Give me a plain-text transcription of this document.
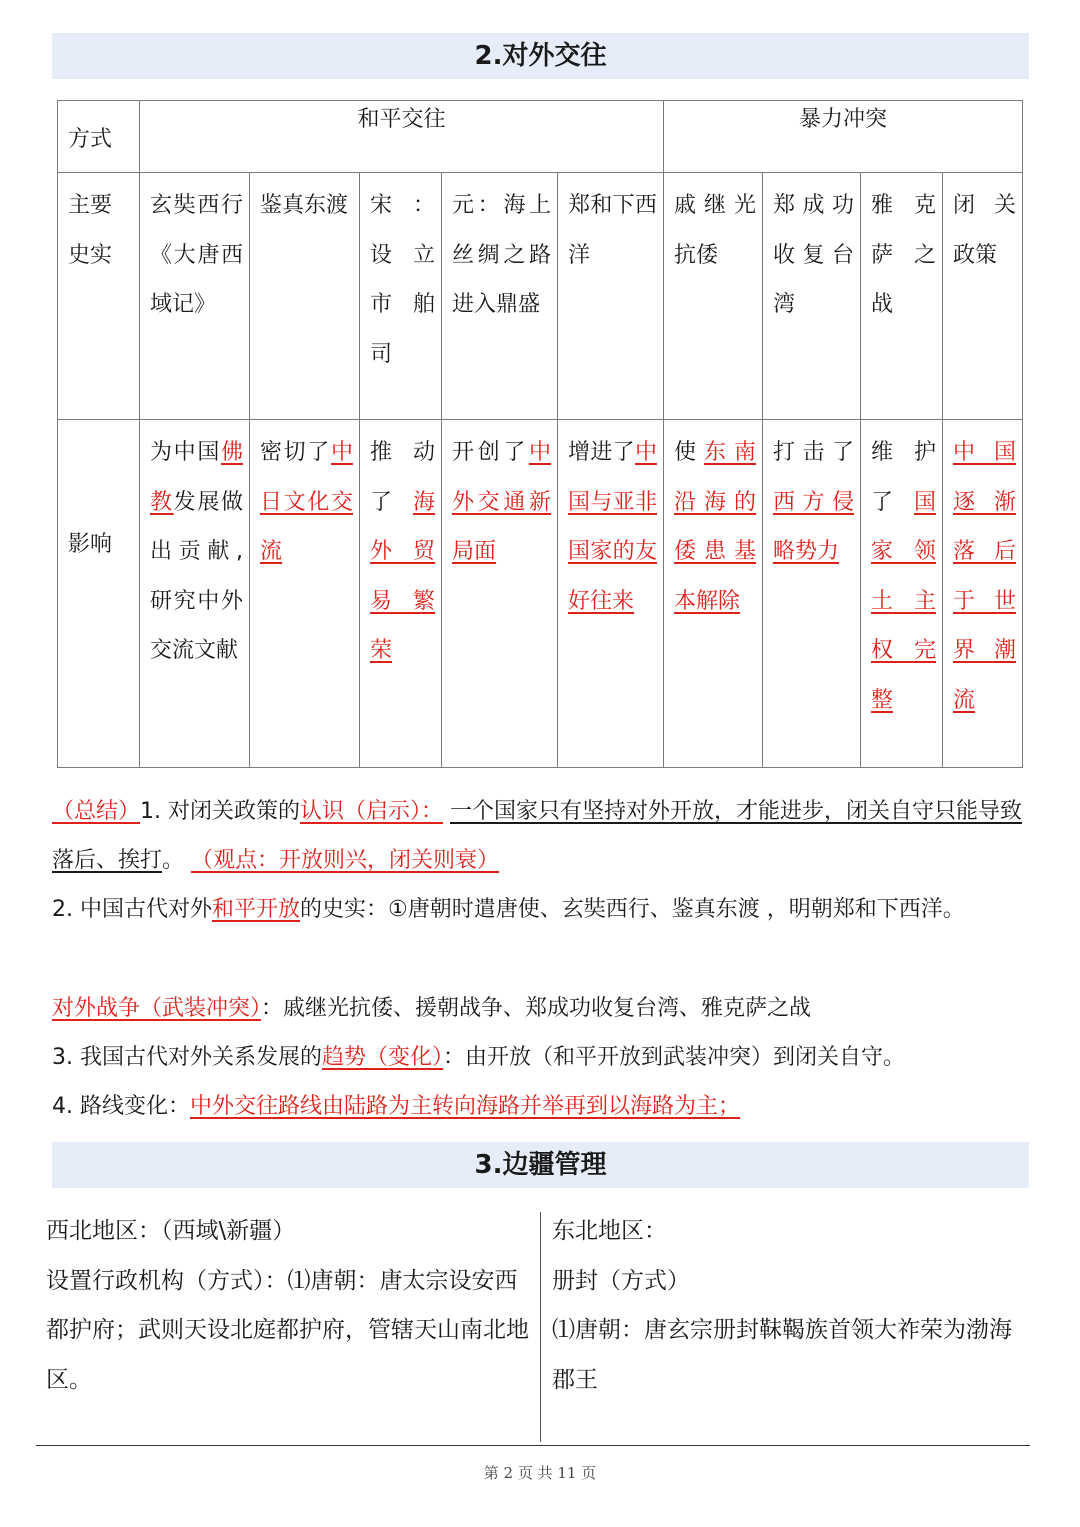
2.对外交往
方式
和平交往	暴力冲突
主要史实
玄奘西行《大唐西域记》
鉴真东渡 宋：设立市舶司
元：海上丝绸之路进入鼎盛
郑和下西洋
戚继光抗倭
郑成功收复台湾
雅克萨之战
闭关政策
影响
为中国佛教发展做出贡献,研究中外交流文献
密切了中日文化交流
推动了海外贸易繁荣
开创了中外交通新局面
增进了中国与亚非国家的友好往来
使东南沿海的倭患基本解除
打击了西方侵略势力
维护了国家领土主权完整
中国逐渐落后于世界潮流
（总结）1. 对闭关政策的认识（启示）： 一个国家只有坚持对外开放，才能进步，闭关自守只能导致落后、挨打。 （观点：开放则兴，闭关则衰）
2. 中国古代对外和平开放的史实：①唐朝时遣唐使、玄奘西行、鉴真东渡 ，明朝郑和下西洋。
对外战争（武装冲突）：戚继光抗倭、援朝战争、郑成功收复台湾、雅克萨之战
3. 我国古代对外关系发展的趋势（变化）：由开放（和平开放到武装冲突）到闭关自守。
4. 路线变化：中外交往路线由陆路为主转向海路并举再到以海路为主；
3.边疆管理
西北地区：（西域\新疆）
设置行政机构（方式）：⑴唐朝：唐太宗设安西都护府；武则天设北庭都护府，管辖天山南北地区。
东北地区：
册封（方式）
⑴唐朝：唐玄宗册封靺鞨族首领大祚荣为渤海郡王
第 2 页 共 11 页
